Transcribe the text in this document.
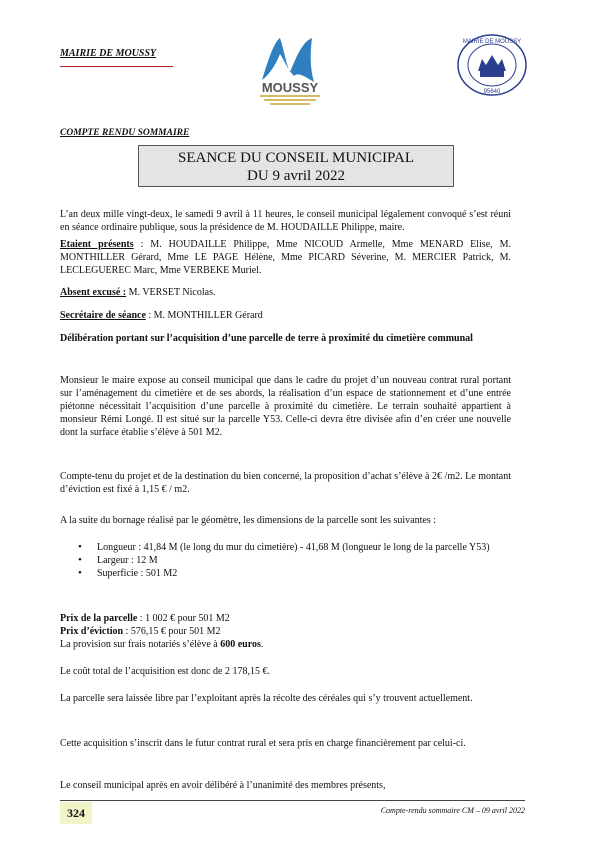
MAIRIE DE MOUSSY
MOUSSY
MAIRIE DE MOUSSY
95640
COMPTE RENDU SOMMAIRE
SEANCE DU CONSEIL MUNICIPAL
DU 9 avril 2022
L’an deux mille vingt-deux, le samedi 9 avril à 11 heures, le conseil municipal légalement convoqué s’est réuni en séance ordinaire publique, sous la présidence de M. HOUDAILLE Philippe, maire.
Etaient présents : M. HOUDAILLE Philippe, Mme NICOUD Armelle, Mme MENARD Elise, M. MONTHILLER Gérard, Mme LE PAGE Hélène, Mme PICARD Séverine, M. MERCIER Patrick, M. LECLEGUEREC Marc, Mme VERBEKE Muriel.
Absent excusé : M. VERSET Nicolas.
Secrétaire de séance : M. MONTHILLER Gérard
Délibération portant sur l’acquisition d’une parcelle de terre à proximité du cimetière communal
Monsieur le maire expose au conseil municipal que dans le cadre du projet d’un nouveau contrat rural portant sur l’aménagement du cimetière et de ses abords, la réalisation d’un espace de stationnement et d’une entrée piétonne nécessitait l’acquisition d’une parcelle à proximité du cimetière. Le terrain souhaité appartient à monsieur Rémi Longé. Il est situé sur la parcelle Y53. Celle-ci devra être divisée afin d’en créer une nouvelle dont la surface établie s’élève à 501 M2.
Compte-tenu du projet et de la destination du bien concerné, la proposition d’achat s’élève à 2€ /m2. Le montant d’éviction est fixé à 1,15 € / m2.
A la suite du bornage réalisé par le géomètre, les dimensions de la parcelle sont les suivantes :
• Longueur : 41,84 M (le long du mur du cimetière) - 41,68 M (longueur le long de la parcelle Y53)
• Largeur : 12 M
• Superficie : 501 M2
Prix de la parcelle : 1 002 € pour 501 M2
Prix d’éviction : 576,15 € pour 501 M2
La provision sur frais notariés s’élève à 600 euros.
Le coût total de l’acquisition est donc de 2 178,15 €.
La parcelle sera laissée libre par l’exploitant après la récolte des céréales qui s’y trouvent actuellement.
Cette acquisition s’inscrit dans le futur contrat rural et sera pris en charge financièrement par celui-ci.
Le conseil municipal après en avoir délibéré à l’unanimité des membres présents,
324	Compte-rendu sommaire CM – 09 avril 2022
